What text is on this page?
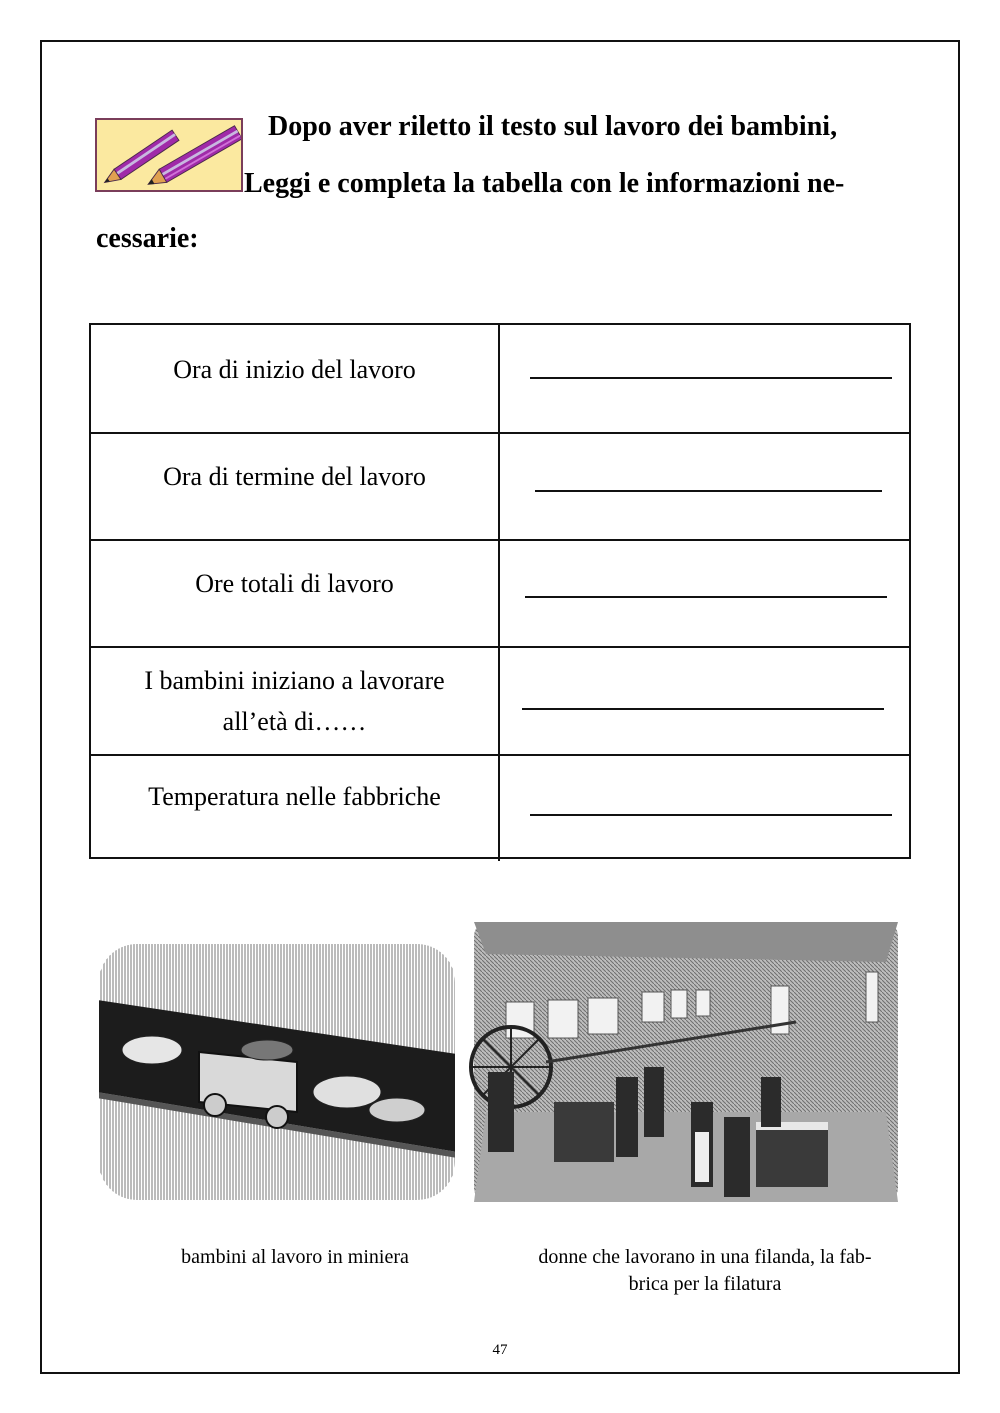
Dopo aver riletto il testo sul lavoro dei bambini,
Leggi e completa la tabella con le informazioni ne-
cessarie:
Ora di inizio del lavoro
Ora di termine del lavoro
Ore totali di lavoro
I bambini iniziano a lavorare
all’età di……
Temperatura nelle fabbriche
bambini al lavoro in miniera	donne che lavorano in una filanda, la fab-
brica per la filatura
47
